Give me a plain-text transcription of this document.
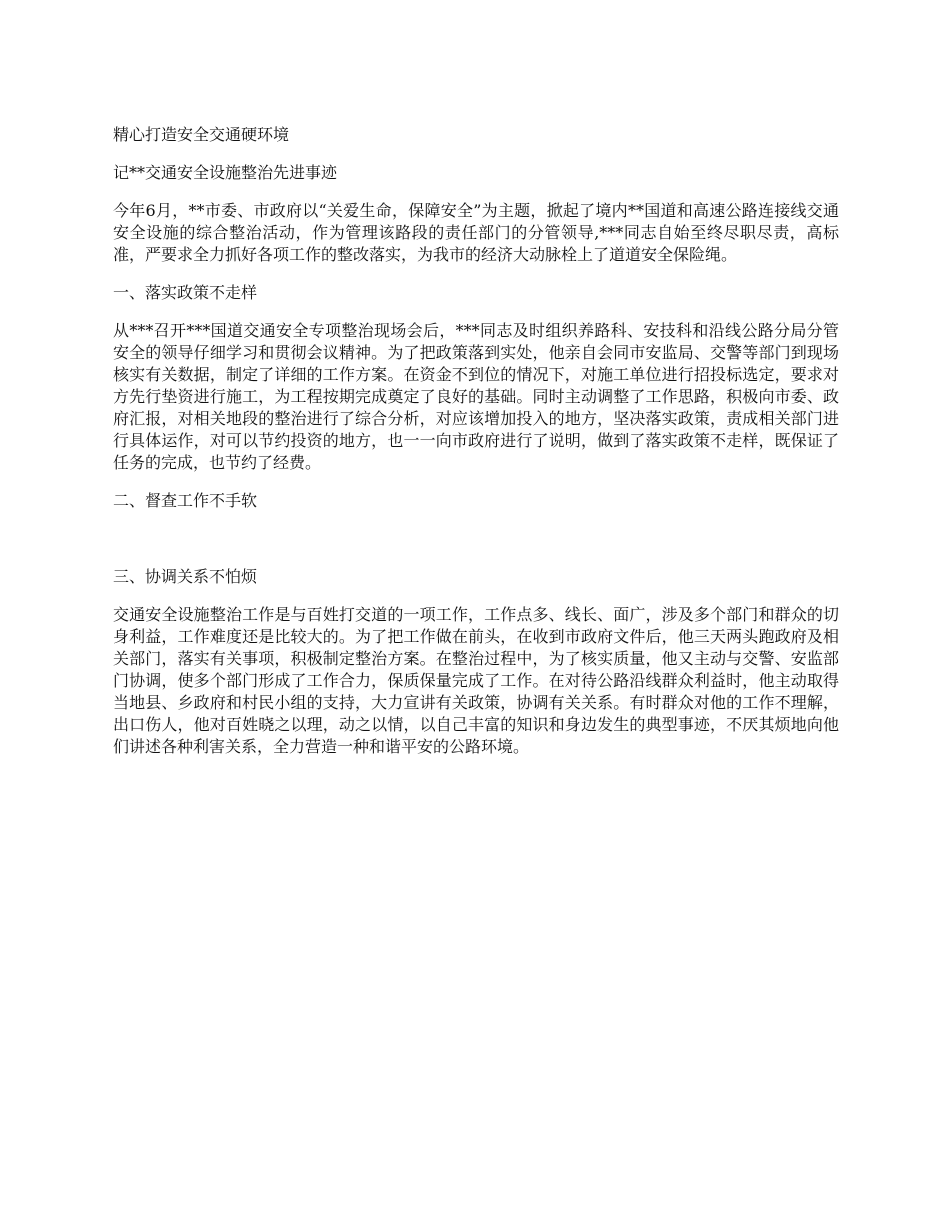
精心打造安全交通硬环境

记**交通安全设施整治先进事迹

今年6月，**市委、市政府以“关爱生命，保障安全”为主题，掀起了境内**国道和高速公路连接线交通安全设施的综合整治活动，作为管理该路段的责任部门的分管领导,***同志自始至终尽职尽责，高标准，严要求全力抓好各项工作的整改落实，为我市的经济大动脉栓上了道道安全保险绳。

一、落实政策不走样

从***召开***国道交通安全专项整治现场会后，***同志及时组织养路科、安技科和沿线公路分局分管安全的领导仔细学习和贯彻会议精神。为了把政策落到实处，他亲自会同市安监局、交警等部门到现场核实有关数据，制定了详细的工作方案。在资金不到位的情况下，对施工单位进行招投标选定，要求对方先行垫资进行施工，为工程按期完成奠定了良好的基础。同时主动调整了工作思路，积极向市委、政府汇报，对相关地段的整治进行了综合分析，对应该增加投入的地方，坚决落实政策，责成相关部门进行具体运作，对可以节约投资的地方，也一一向市政府进行了说明，做到了落实政策不走样，既保证了任务的完成，也节约了经费。

二、督查工作不手软

三、协调关系不怕烦

交通安全设施整治工作是与百姓打交道的一项工作，工作点多、线长、面广，涉及多个部门和群众的切身利益，工作难度还是比较大的。为了把工作做在前头，在收到市政府文件后，他三天两头跑政府及相关部门，落实有关事项，积极制定整治方案。在整治过程中，为了核实质量，他又主动与交警、安监部门协调，使多个部门形成了工作合力，保质保量完成了工作。在对待公路沿线群众利益时，他主动取得当地县、乡政府和村民小组的支持，大力宣讲有关政策，协调有关关系。有时群众对他的工作不理解，出口伤人，他对百姓晓之以理，动之以情，以自己丰富的知识和身边发生的典型事迹，不厌其烦地向他们讲述各种利害关系，全力营造一种和谐平安的公路环境。
